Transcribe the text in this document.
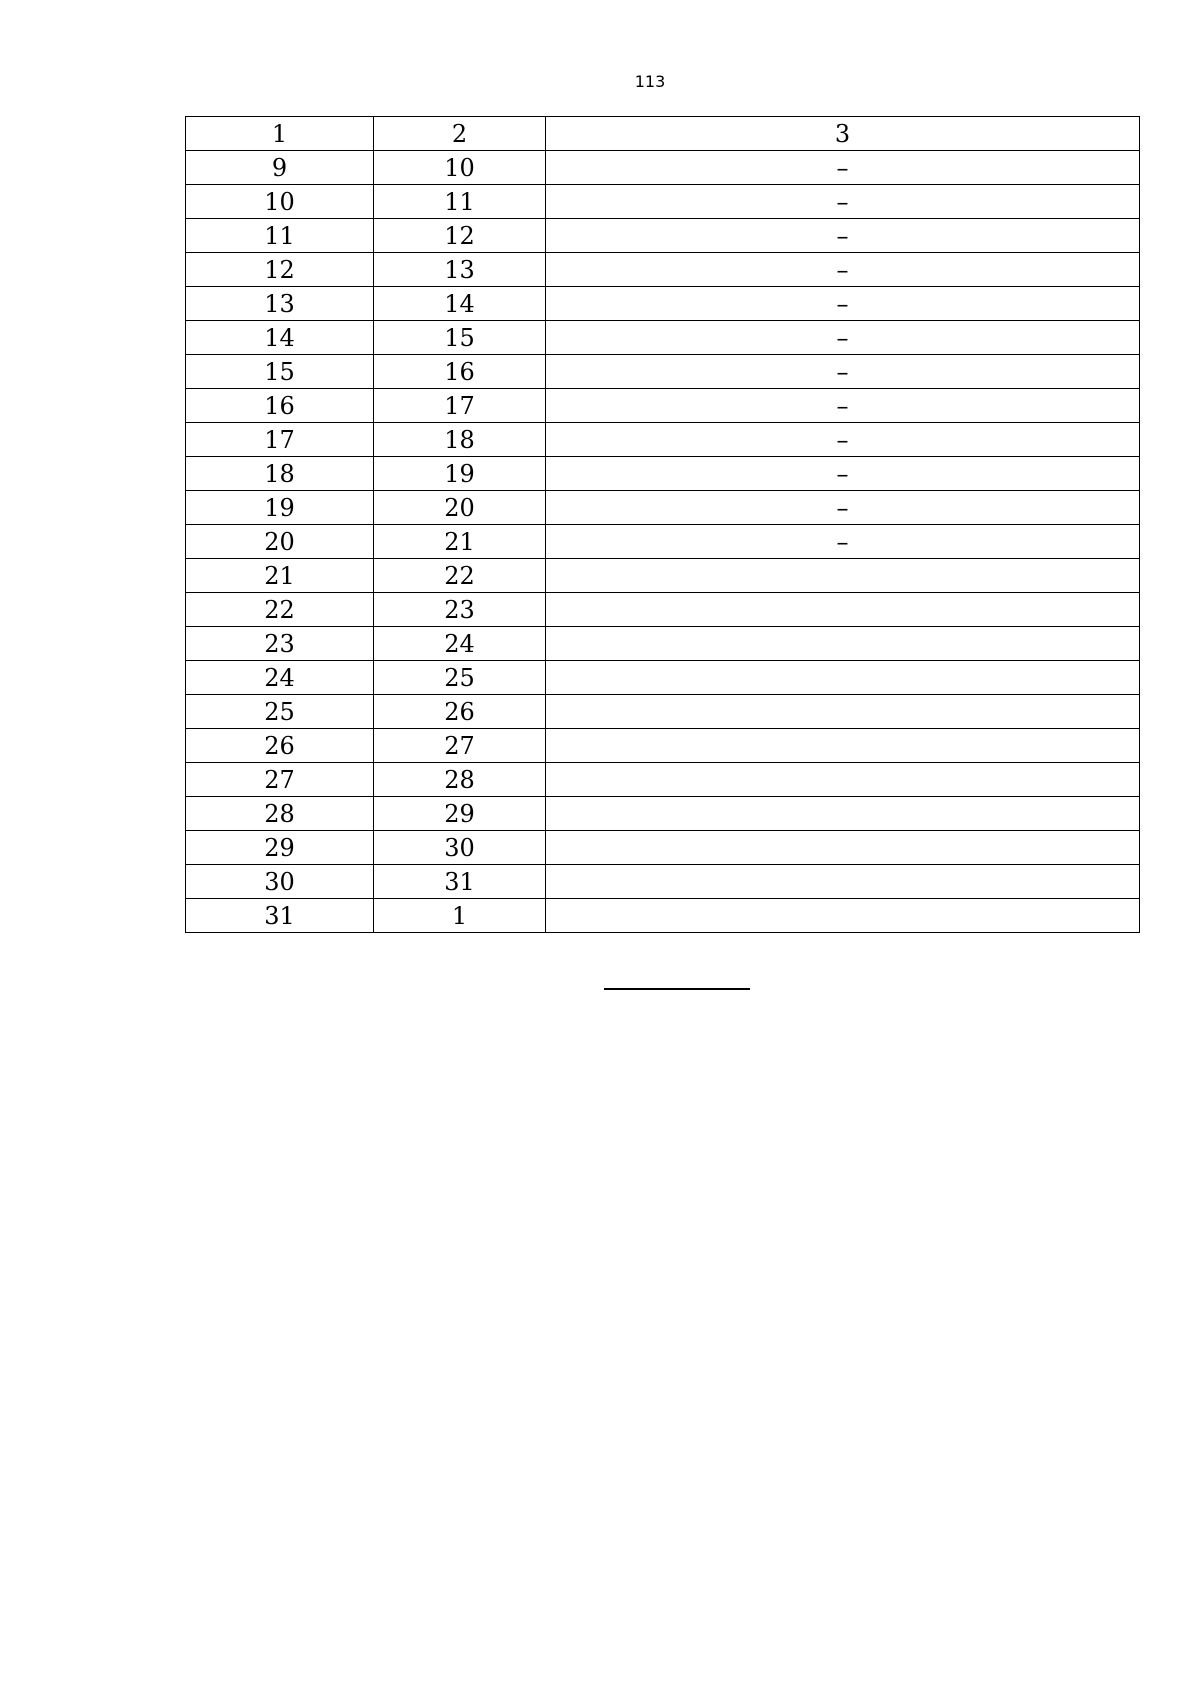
113
1	2	3
9	10	–
10	11	–
11	12	–
12	13	–
13	14	–
14	15	–
15	16	–
16	17	–
17	18	–
18	19	–
19	20	–
20	21	–
21	22	
22	23	
23	24	
24	25	
25	26	
26	27	
27	28	
28	29	
29	30	
30	31	
31	1	
